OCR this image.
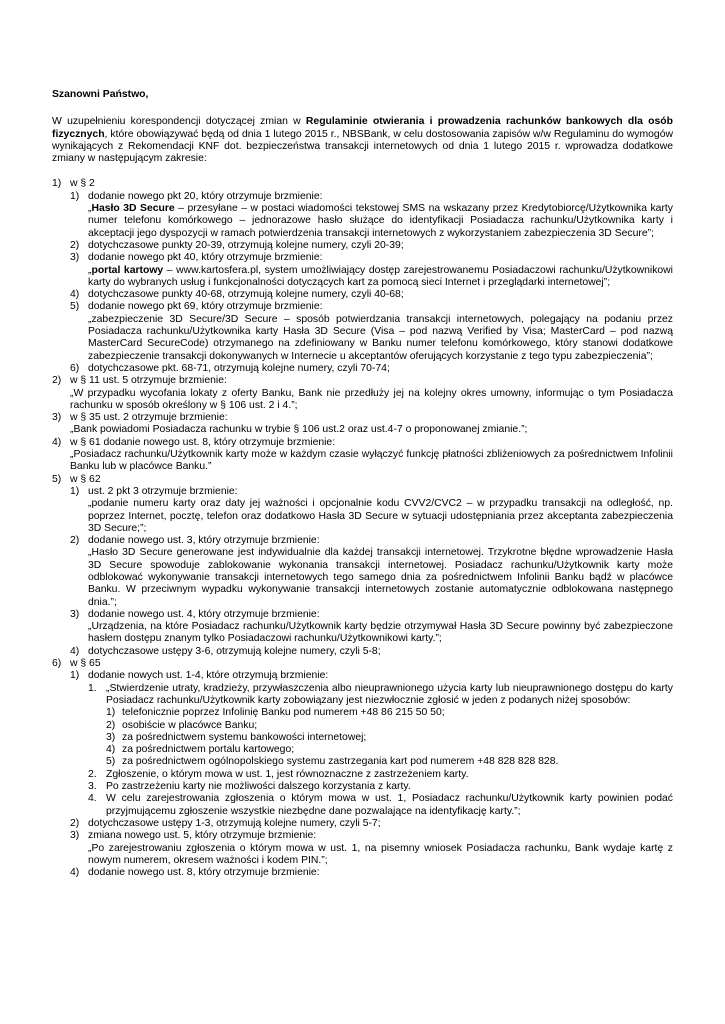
Szanowni Państwo,

W uzupełnieniu korespondencji dotyczącej zmian w Regulaminie otwierania i prowadzenia rachunków bankowych dla osób fizycznych, które obowiązywać będą od dnia 1 lutego 2015 r., NBSBank, w celu dostosowania zapisów w/w Regulaminu do wymogów wynikających z Rekomendacji KNF dot. bezpieczeństwa transakcji internetowych od dnia 1 lutego 2015 r. wprowadza dodatkowe zmiany w następującym zakresie:

1) w § 2
1) dodanie nowego pkt 20, który otrzymuje brzmienie:
„Hasło 3D Secure – przesyłane – w postaci wiadomości tekstowej SMS na wskazany przez Kredytobiorcę/Użytkownika karty numer telefonu komórkowego – jednorazowe hasło służące do identyfikacji Posiadacza rachunku/Użytkownika karty i akceptacji jego dyspozycji w ramach potwierdzenia transakcji internetowych z wykorzystaniem zabezpieczenia 3D Secure”;
2) dotychczasowe punkty 20-39, otrzymują kolejne numery, czyli 20-39;
3) dodanie nowego pkt 40, który otrzymuje brzmienie:
„portal kartowy – www.kartosfera.pl, system umożliwiający dostęp zarejestrowanemu Posiadaczowi rachunku/Użytkownikowi karty do wybranych usług i funkcjonalności dotyczących kart za pomocą sieci Internet i przeglądarki internetowej”;
4) dotychczasowe punkty 40-68, otrzymują kolejne numery, czyli 40-68;
5) dodanie nowego pkt 69, który otrzymuje brzmienie:
„zabezpieczenie 3D Secure/3D Secure – sposób potwierdzania transakcji internetowych, polegający na podaniu przez Posiadacza rachunku/Użytkownika karty Hasła 3D Secure (Visa – pod nazwą Verified by Visa; MasterCard – pod nazwą MasterCard SecureCode) otrzymanego na zdefiniowany w Banku numer telefonu komórkowego, który stanowi dodatkowe zabezpieczenie transakcji dokonywanych w Internecie u akceptantów oferujących korzystanie z tego typu zabezpieczenia”;
6) dotychczasowe pkt. 68-71, otrzymują kolejne numery, czyli 70-74;
2) w § 11 ust. 5 otrzymuje brzmienie:
„W przypadku wycofania lokaty z oferty Banku, Bank nie przedłuży jej na kolejny okres umowny, informując o tym Posiadacza rachunku w sposób określony w § 106 ust. 2 i 4.”;
3) w § 35 ust. 2 otrzymuje brzmienie:
„Bank powiadomi Posiadacza rachunku w trybie § 106 ust.2 oraz ust.4-7 o proponowanej zmianie.”;
4) w § 61 dodanie nowego ust. 8, który otrzymuje brzmienie:
„Posiadacz rachunku/Użytkownik karty może w każdym czasie wyłączyć funkcję płatności zbliżeniowych za pośrednictwem Infolinii Banku lub w placówce Banku.”
5) w § 62
1) ust. 2 pkt 3 otrzymuje brzmienie:
„podanie numeru karty oraz daty jej ważności i opcjonalnie kodu CVV2/CVC2 – w przypadku transakcji na odległość, np. poprzez Internet, pocztę, telefon oraz dodatkowo Hasła 3D Secure w sytuacji udostępniania przez akceptanta zabezpieczenia 3D Secure;”;
2) dodanie nowego ust. 3, który otrzymuje brzmienie:
„Hasło 3D Secure generowane jest indywidualnie dla każdej transakcji internetowej. Trzykrotne błędne wprowadzenie Hasła 3D Secure spowoduje zablokowanie wykonania transakcji internetowej. Posiadacz rachunku/Użytkownik karty może odblokować wykonywanie transakcji internetowych tego samego dnia za pośrednictwem Infolinii Banku bądź w placówce Banku. W przeciwnym wypadku wykonywanie transakcji internetowych zostanie automatycznie odblokowana następnego dnia.”;
3) dodanie nowego ust. 4, który otrzymuje brzmienie:
„Urządzenia, na które Posiadacz rachunku/Użytkownik karty będzie otrzymywał Hasła 3D Secure powinny być zabezpieczone hasłem dostępu znanym tylko Posiadaczowi rachunku/Użytkownikowi karty.”;
4) dotychczasowe ustępy 3-6, otrzymują kolejne numery, czyli 5-8;
6) w § 65
1) dodanie nowych ust. 1-4, które otrzymują brzmienie:
1. „Stwierdzenie utraty, kradzieży, przywłaszczenia albo nieuprawnionego użycia karty lub nieuprawnionego dostępu do karty Posiadacz rachunku/Użytkownik karty zobowiązany jest niezwłocznie zgłosić w jeden z podanych niżej sposobów:
1) telefonicznie poprzez Infolinię Banku pod numerem +48 86 215 50 50;
2) osobiście w placówce Banku;
3) za pośrednictwem systemu bankowości internetowej;
4) za pośrednictwem portalu kartowego;
5) za pośrednictwem ogólnopolskiego systemu zastrzegania kart pod numerem +48 828 828 828.
2. Zgłoszenie, o którym mowa w ust. 1, jest równoznaczne z zastrzeżeniem karty.
3. Po zastrzeżeniu karty nie możliwości dalszego korzystania z karty.
4. W celu zarejestrowania zgłoszenia o którym mowa w ust. 1, Posiadacz rachunku/Użytkownik karty powinien podać przyjmującemu zgłoszenie wszystkie niezbędne dane pozwalające na identyfikację karty.”;
2) dotychczasowe ustępy 1-3, otrzymują kolejne numery, czyli 5-7;
3) zmiana nowego ust. 5, który otrzymuje brzmienie:
„Po zarejestrowaniu zgłoszenia o którym mowa w ust. 1, na pisemny wniosek Posiadacza rachunku, Bank wydaje kartę z nowym numerem, okresem ważności i kodem PIN.”;
4) dodanie nowego ust. 8, który otrzymuje brzmienie:
